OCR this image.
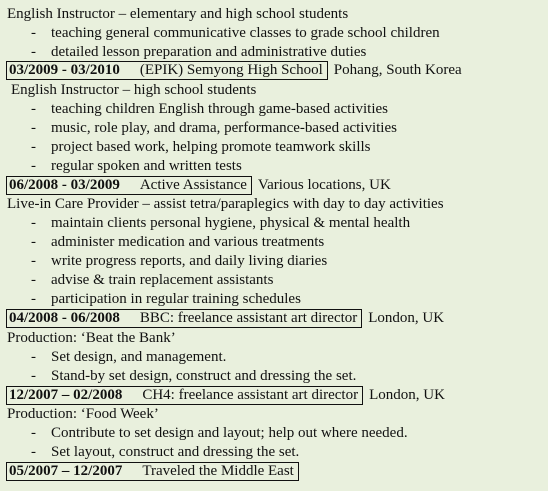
English Instructor – elementary and high school students
- teaching general communicative classes to grade school children
- detailed lesson preparation and administrative duties
03/2009 - 03/2010 (EPIK) Semyong High School Pohang, South Korea
English Instructor – high school students
- teaching children English through game-based activities
- music, role play, and drama, performance-based activities
- project based work, helping promote teamwork skills
- regular spoken and written tests
06/2008 - 03/2009 Active Assistance Various locations, UK
Live-in Care Provider – assist tetra/paraplegics with day to day activities
- maintain clients personal hygiene, physical & mental health
- administer medication and various treatments
- write progress reports, and daily living diaries
- advise & train replacement assistants
- participation in regular training schedules
04/2008 - 06/2008 BBC: freelance assistant art director London, UK
Production: ‘Beat the Bank’
- Set design, and management.
- Stand-by set design, construct and dressing the set.
12/2007 – 02/2008 CH4: freelance assistant art director London, UK
Production: ‘Food Week’
- Contribute to set design and layout; help out where needed.
- Set layout, construct and dressing the set.
05/2007 – 12/2007 Traveled the Middle East
